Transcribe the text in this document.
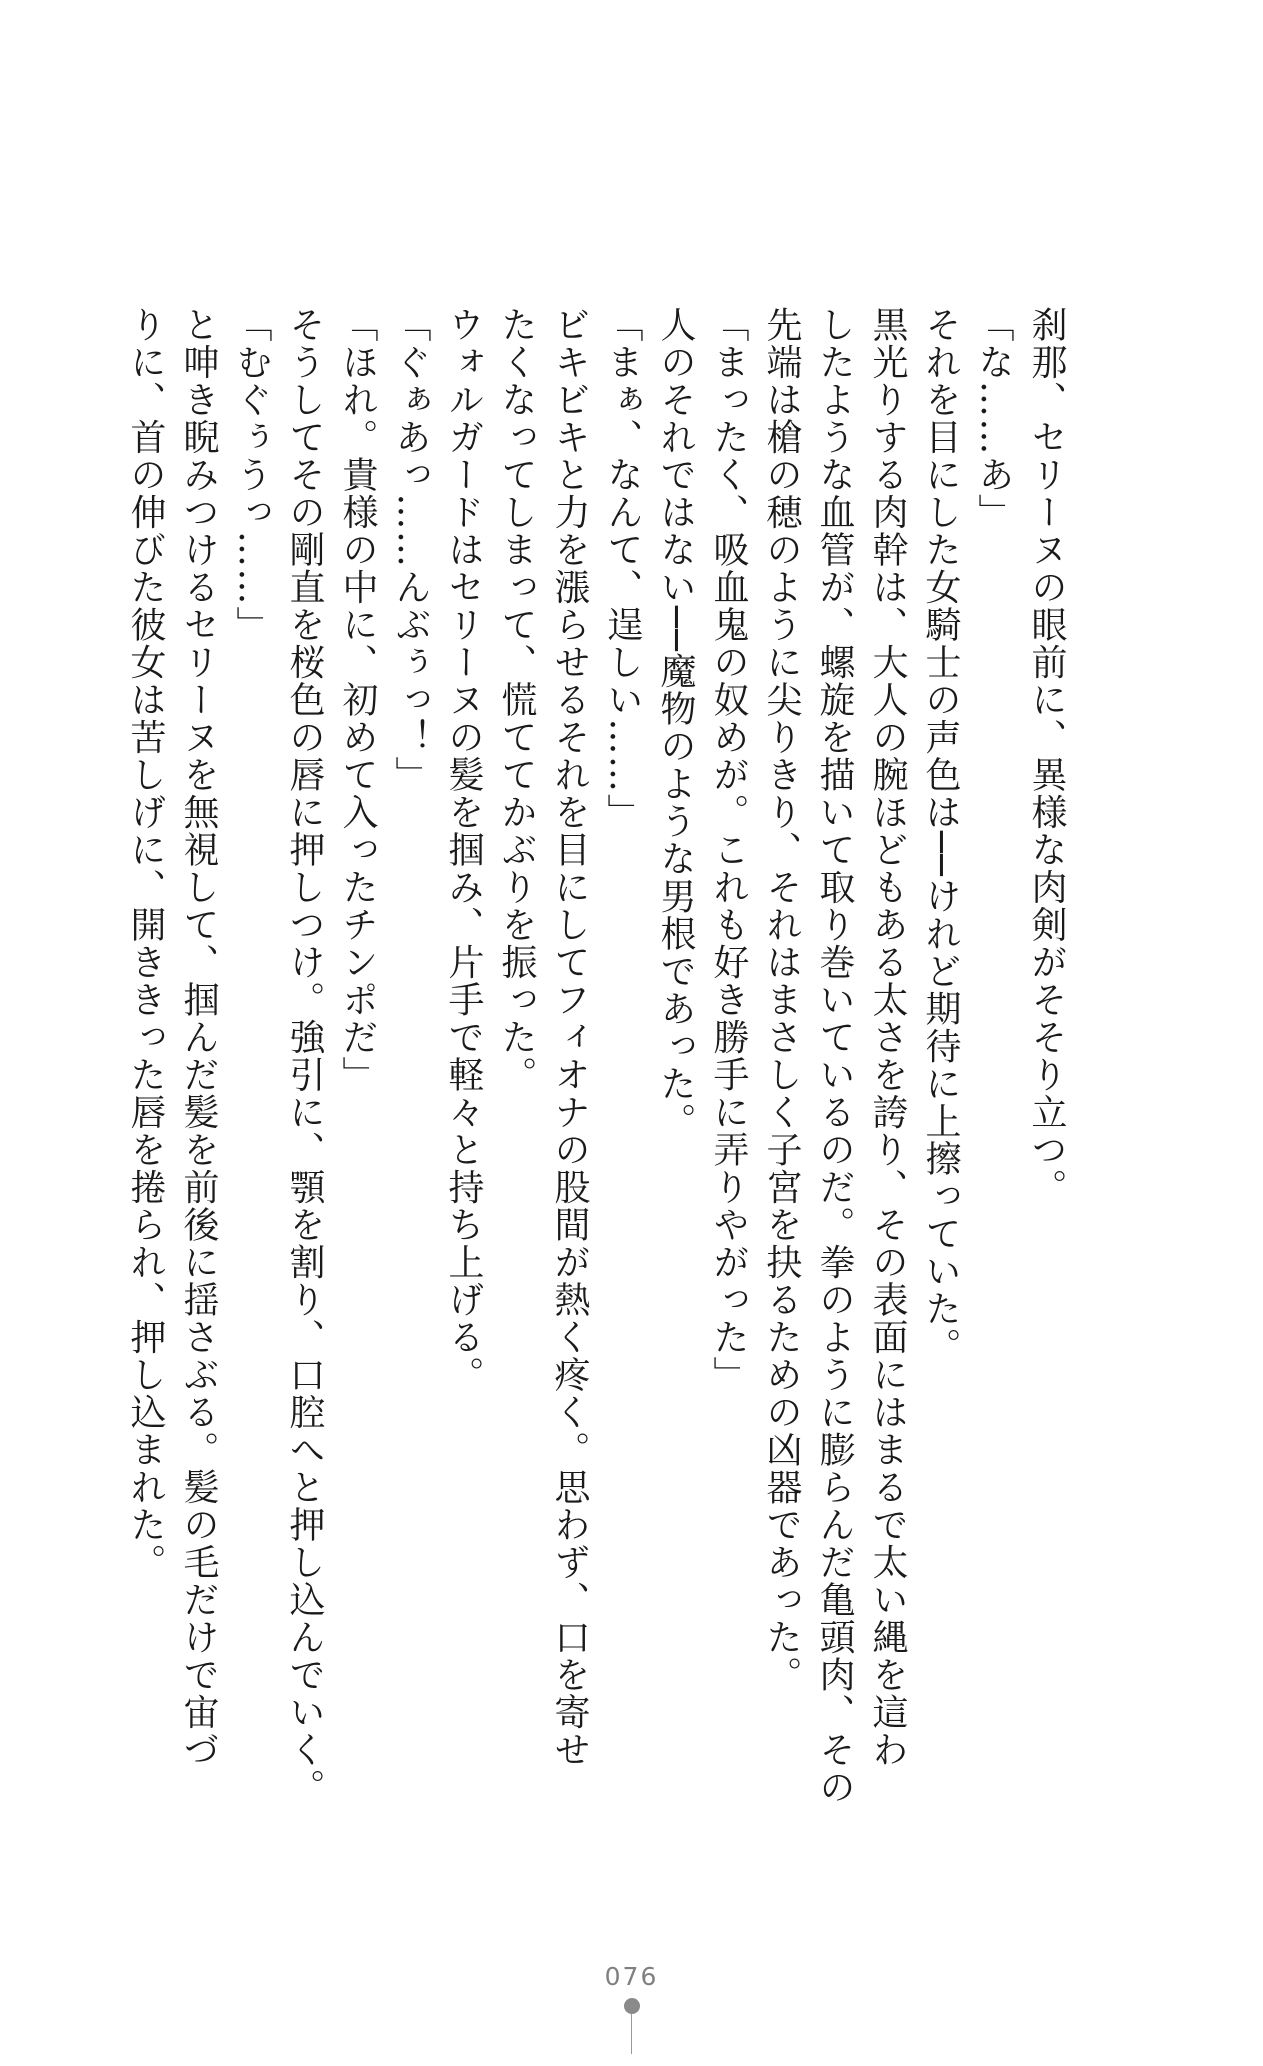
刹那、セリーヌの眼前に、異様な肉剣がそそり立つ。
「な……あ」
それを目にした女騎士の声色は──けれど期待に上擦っていた。
黒光りする肉幹は、大人の腕ほどもある太さを誇り、その表面にはまるで太い縄を這わ
したような血管が、螺旋を描いて取り巻いているのだ。拳のように膨らんだ亀頭肉、その
先端は槍の穂のように尖りきり、それはまさしく子宮を抉るための凶器であった。
「まったく、吸血鬼の奴めが。これも好き勝手に弄りやがった」
人のそれではない──魔物のような男根であった。
「まぁ、なんて、逞しい……」
ビキビキと力を漲らせるそれを目にしてフィオナの股間が熱く疼く。思わず、口を寄せ
たくなってしまって、慌ててかぶりを振った。
ウォルガードはセリーヌの髪を掴み、片手で軽々と持ち上げる。
「ぐぁあっ……んぶぅっ！」
「ほれ。貴様の中に、初めて入ったチンポだ」
そうしてその剛直を桜色の唇に押しつけ。強引に、顎を割り、口腔へと押し込んでいく。
「むぐぅうっ……」
と呻き睨みつけるセリーヌを無視して、掴んだ髪を前後に揺さぶる。髪の毛だけで宙づ
りに、首の伸びた彼女は苦しげに、開ききった唇を捲られ、押し込まれた。
076
